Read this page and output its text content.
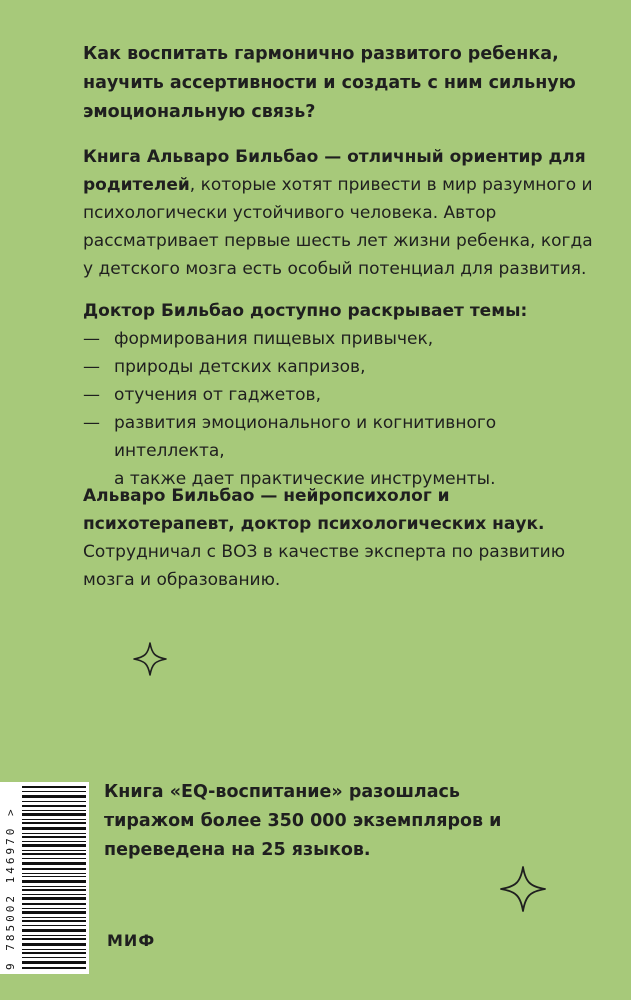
Как воспитать гармонично развитого ребенка, научить ассертивности и создать с ним сильную эмоциональную связь?

Книга Альваро Бильбао — отличный ориентир для родителей, которые хотят привести в мир разумного и психологически устойчивого человека. Автор рассматривает первые шесть лет жизни ребенка, когда у детского мозга есть особый потенциал для развития.

Доктор Бильбао доступно раскрывает темы:

— формирования пищевых привычек,
— природы детских капризов,
— отучения от гаджетов,
— развития эмоционального и когнитивного интеллекта,
а также дает практические инструменты.

Альваро Бильбао — нейропсихолог и психотерапевт, доктор психологических наук. Сотрудничал с ВОЗ в качестве эксперта по развитию мозга и образованию.

Книга «EQ-воспитание» разошлась тиражом более 350 000 экземпляров и переведена на 25 языков.

9 785002 146970 >	МИФ
